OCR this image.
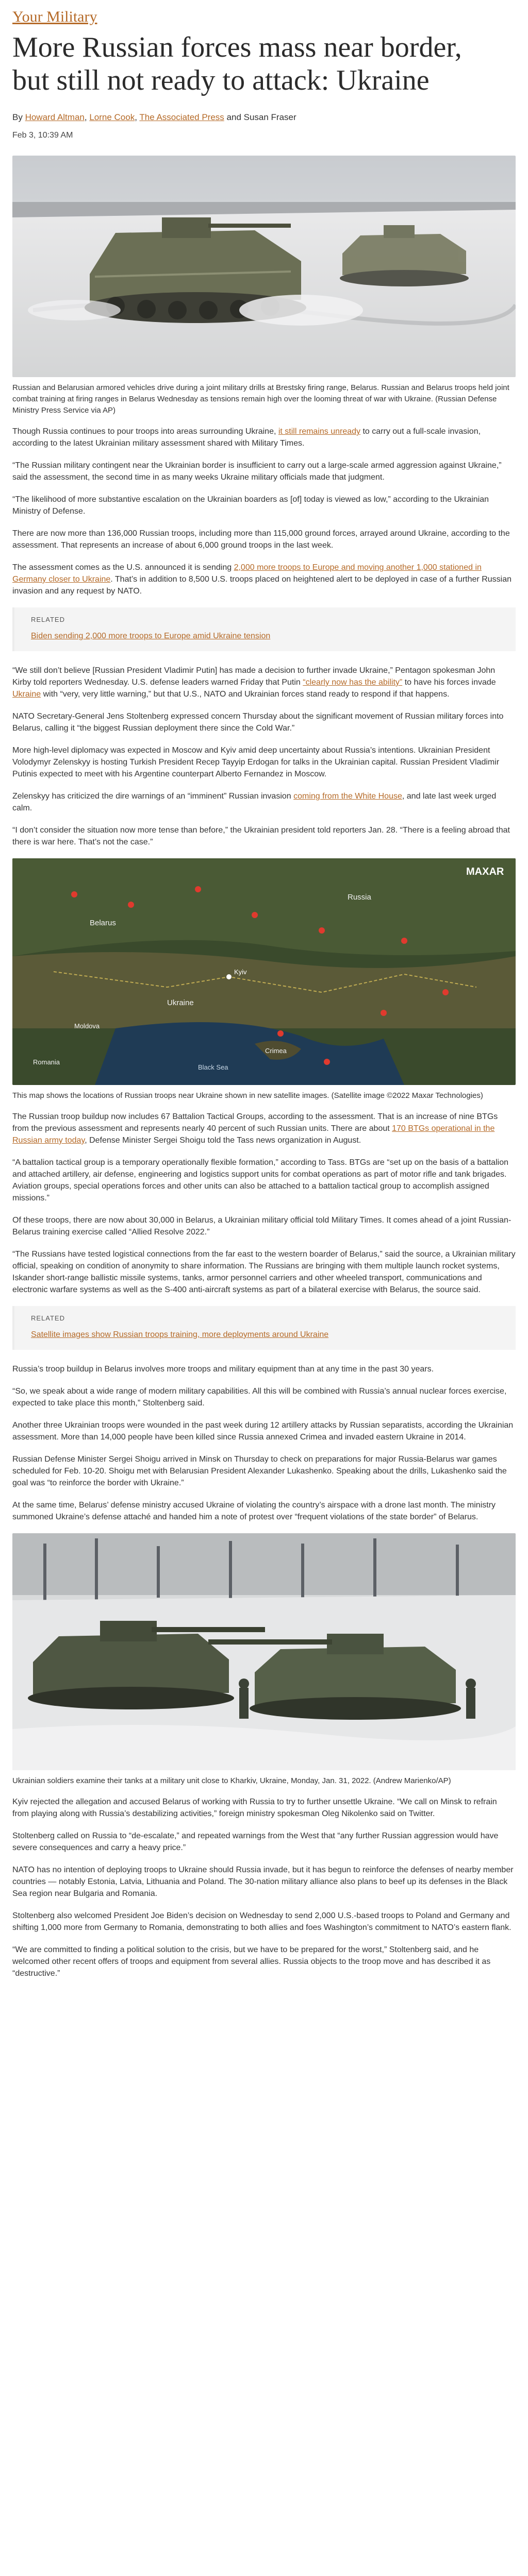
Your Military
More Russian forces mass near border, but still not ready to attack: Ukraine
By Howard Altman, Lorne Cook, The Associated Press and Susan Fraser
Feb 3, 10:39 AM
Russian and Belarusian armored vehicles drive during a joint military drills at Brestsky firing range, Belarus. Russian and Belarus troops held joint combat training at firing ranges in Belarus Wednesday as tensions remain high over the looming threat of war with Ukraine. (Russian Defense Ministry Press Service via AP)

Though Russia continues to pour troops into areas surrounding Ukraine, it still remains unready to carry out a full-scale invasion, according to the latest Ukrainian military assessment shared with Military Times.

“The Russian military contingent near the Ukrainian border is insufficient to carry out a large-scale armed aggression against Ukraine,” said the assessment, the second time in as many weeks Ukraine military officials made that judgment.

“The likelihood of more substantive escalation on the Ukrainian boarders as [of] today is viewed as low,” according to the Ukrainian Ministry of Defense.

There are now more than 136,000 Russian troops, including more than 115,000 ground forces, arrayed around Ukraine, according to the assessment. That represents an increase of about 6,000 ground troops in the last week.

The assessment comes as the U.S. announced it is sending 2,000 more troops to Europe and moving another 1,000 stationed in Germany closer to Ukraine. That’s in addition to 8,500 U.S. troops placed on heightened alert to be deployed in case of a further Russian invasion and any request by NATO.

RELATED
Biden sending 2,000 more troops to Europe amid Ukraine tension

“We still don’t believe [Russian President Vladimir Putin] has made a decision to further invade Ukraine,” Pentagon spokesman John Kirby told reporters Wednesday. U.S. defense leaders warned Friday that Putin “clearly now has the ability” to have his forces invade Ukraine with “very, very little warning,” but that U.S., NATO and Ukrainian forces stand ready to respond if that happens.

NATO Secretary-General Jens Stoltenberg expressed concern Thursday about the significant movement of Russian military forces into Belarus, calling it “the biggest Russian deployment there since the Cold War.”

More high-level diplomacy was expected in Moscow and Kyiv amid deep uncertainty about Russia’s intentions. Ukrainian President Volodymyr Zelenskyy is hosting Turkish President Recep Tayyip Erdogan for talks in the Ukrainian capital. Russian President Vladimir Putinis expected to meet with his Argentine counterpart Alberto Fernandez in Moscow.

Zelenskyy has criticized the dire warnings of an “imminent” Russian invasion coming from the White House, and late last week urged calm.

“I don’t consider the situation now more tense than before,” the Ukrainian president told reporters Jan. 28. “There is a feeling abroad that there is war here. That’s not the case.”

MAXAR
Belarus
Russia
Ukraine
Kyiv
Crimea
Black Sea
Moldova
Romania
This map shows the locations of Russian troops near Ukraine shown in new satellite images. (Satellite image ©2022 Maxar Technologies)

The Russian troop buildup now includes 67 Battalion Tactical Groups, according to the assessment. That is an increase of nine BTGs from the previous assessment and represents nearly 40 percent of such Russian units. There are about 170 BTGs operational in the Russian army today, Defense Minister Sergei Shoigu told the Tass news organization in August.

“A battalion tactical group is a temporary operationally flexible formation,” according to Tass. BTGs are “set up on the basis of a battalion and attached artillery, air defense, engineering and logistics support units for combat operations as part of motor rifle and tank brigades. Aviation groups, special operations forces and other units can also be attached to a battalion tactical group to accomplish assigned missions.”

Of these troops, there are now about 30,000 in Belarus, a Ukrainian military official told Military Times. It comes ahead of a joint Russian-Belarus training exercise called “Allied Resolve 2022.”

“The Russians have tested logistical connections from the far east to the western boarder of Belarus,” said the source, a Ukrainian military official, speaking on condition of anonymity to share information. The Russians are bringing with them multiple launch rocket systems, Iskander short-range ballistic missile systems, tanks, armor personnel carriers and other wheeled transport, communications and electronic warfare systems as well as the S-400 anti-aircraft systems as part of a bilateral exercise with Belarus, the source said.

RELATED
Satellite images show Russian troops training, more deployments around Ukraine

Russia’s troop buildup in Belarus involves more troops and military equipment than at any time in the past 30 years.

“So, we speak about a wide range of modern military capabilities. All this will be combined with Russia’s annual nuclear forces exercise, expected to take place this month,” Stoltenberg said.

Another three Ukrainian troops were wounded in the past week during 12 artillery attacks by Russian separatists, according the Ukrainian assessment. More than 14,000 people have been killed since Russia annexed Crimea and invaded eastern Ukraine in 2014.

Russian Defense Minister Sergei Shoigu arrived in Minsk on Thursday to check on preparations for major Russia-Belarus war games scheduled for Feb. 10-20. Shoigu met with Belarusian President Alexander Lukashenko. Speaking about the drills, Lukashenko said the goal was “to reinforce the border with Ukraine.”

At the same time, Belarus’ defense ministry accused Ukraine of violating the country’s airspace with a drone last month. The ministry summoned Ukraine’s defense attaché and handed him a note of protest over “frequent violations of the state border” of Belarus.

Ukrainian soldiers examine their tanks at a military unit close to Kharkiv, Ukraine, Monday, Jan. 31, 2022. (Andrew Marienko/AP)

Kyiv rejected the allegation and accused Belarus of working with Russia to try to further unsettle Ukraine. “We call on Minsk to refrain from playing along with Russia’s destabilizing activities,” foreign ministry spokesman Oleg Nikolenko said on Twitter.

Stoltenberg called on Russia to “de-escalate,” and repeated warnings from the West that “any further Russian aggression would have severe consequences and carry a heavy price.”

NATO has no intention of deploying troops to Ukraine should Russia invade, but it has begun to reinforce the defenses of nearby member countries — notably Estonia, Latvia, Lithuania and Poland. The 30-nation military alliance also plans to beef up its defenses in the Black Sea region near Bulgaria and Romania.

Stoltenberg also welcomed President Joe Biden’s decision on Wednesday to send 2,000 U.S.-based troops to Poland and Germany and shifting 1,000 more from Germany to Romania, demonstrating to both allies and foes Washington’s commitment to NATO’s eastern flank.

“We are committed to finding a political solution to the crisis, but we have to be prepared for the worst,” Stoltenberg said, and he welcomed other recent offers of troops and equipment from several allies. Russia objects to the troop move and has described it as “destructive.”
